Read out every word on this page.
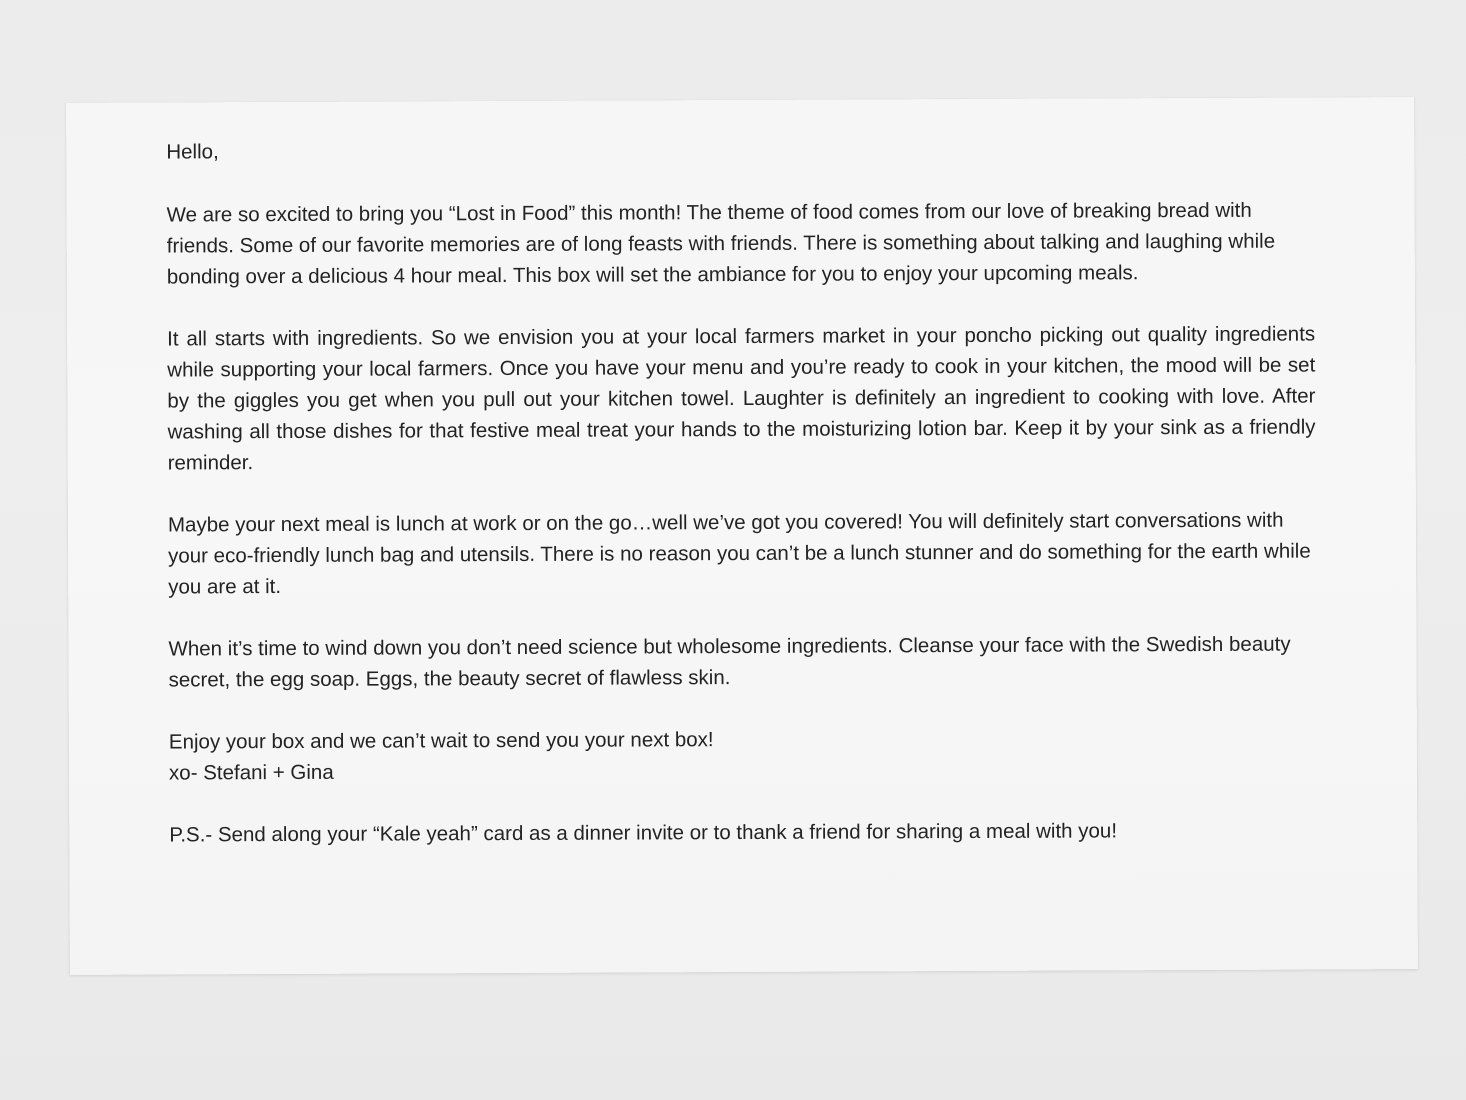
Hello,

We are so excited to bring you “Lost in Food” this month! The theme of food comes from our love of breaking bread with friends. Some of our favorite memories are of long feasts with friends. There is something about talking and laughing while bonding over a delicious 4 hour meal. This box will set the ambiance for you to enjoy your upcoming meals.

It all starts with ingredients. So we envision you at your local farmers market in your poncho picking out quality ingredients while supporting your local farmers. Once you have your menu and you’re ready to cook in your kitchen, the mood will be set by the giggles you get when you pull out your kitchen towel. Laughter is definitely an ingredient to cooking with love. After washing all those dishes for that festive meal treat your hands to the moisturizing lotion bar. Keep it by your sink as a friendly reminder.

Maybe your next meal is lunch at work or on the go…well we’ve got you covered! You will definitely start conversations with your eco-friendly lunch bag and utensils. There is no reason you can’t be a lunch stunner and do something for the earth while you are at it.

When it’s time to wind down you don’t need science but wholesome ingredients. Cleanse your face with the Swedish beauty secret, the egg soap. Eggs, the beauty secret of flawless skin.

Enjoy your box and we can’t wait to send you your next box!

xo- Stefani + Gina

P.S.- Send along your “Kale yeah” card as a dinner invite or to thank a friend for sharing a meal with you!
